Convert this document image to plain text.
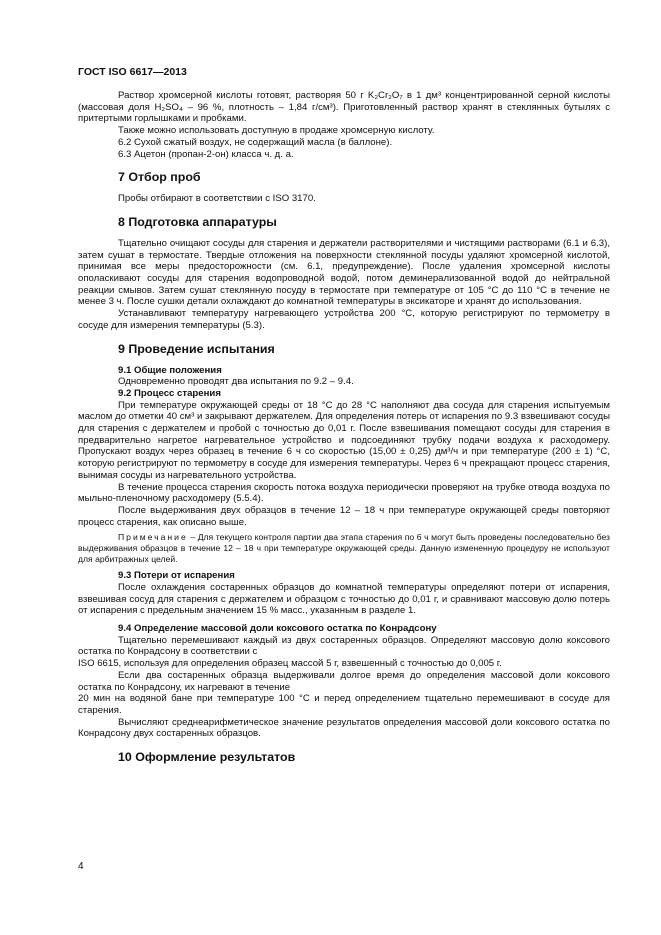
ГОСТ ISO 6617—2013

Раствор хромсерной кислоты готовят, растворяя 50 г K₂Cr₂O₇ в 1 дм³ концентрированной серной кислоты (массовая доля H₂SO₄ – 96 %, плотность – 1,84 г/см³). Приготовленный раствор хранят в стеклянных бутылях с притертыми горлышками и пробками.

Также можно использовать доступную в продаже хромсерную кислоту.

6.2 Сухой сжатый воздух, не содержащий масла (в баллоне).

6.3 Ацетон (пропан-2-он) класса ч. д. а.

7 Отбор проб

Пробы отбирают в соответствии с ISO 3170.

8 Подготовка аппаратуры

Тщательно очищают сосуды для старения и держатели растворителями и чистящими растворами (6.1 и 6.3), затем сушат в термостате. Твердые отложения на поверхности стеклянной посуды удаляют хромсерной кислотой, принимая все меры предосторожности (см. 6.1, предупреждение). После удаления хромсерной кислоты ополаскивают сосуды для старения водопроводной водой, потом деминерализованной водой до нейтральной реакции смывов. Затем сушат стеклянную посуду в термостате при температуре от 105 °С до 110 °С в течение не менее 3 ч. После сушки детали охлаждают до комнатной температуры в эксикаторе и хранят до использования.

Устанавливают температуру нагревающего устройства 200 °С, которую регистрируют по термометру в сосуде для измерения температуры (5.3).

9 Проведение испытания
9.1 Общие положения

Одновременно проводят два испытания по 9.2 – 9.4.

9.2 Процесс старения

При температуре окружающей среды от 18 °С до 28 °С наполняют два сосуда для старения испытуемым маслом до отметки 40 см³ и закрывают держателем. Для определения потерь от испарения по 9.3 взвешивают сосуды для старения с держателем и пробой с точностью до 0,01 г. После взвешивания помещают сосуды для старения в предварительно нагретое нагревательное устройство и подсоединяют трубку подачи воздуха к расходомеру. Пропускают воздух через образец в течение 6 ч со скоростью (15,00 ± 0,25) дм³/ч и при температуре (200 ± 1) °С, которую регистрируют по термометру в сосуде для измерения температуры. Через 6 ч прекращают процесс старения, вынимая сосуды из нагревательного устройства.

В течение процесса старения скорость потока воздуха периодически проверяют на трубке отвода воздуха по мыльно-пленочному расходомеру (5.5.4).

После выдерживания двух образцов в течение 12 – 18 ч при температуре окружающей среды повторяют процесс старения, как описано выше.

Примечание – Для текущего контроля партии два этапа старения по 6 ч могут быть проведены последовательно без выдерживания образцов в течение 12 – 18 ч при температуре окружающей среды. Данную измененную процедуру не используют для арбитражных целей.

9.3 Потери от испарения

После охлаждения состаренных образцов до комнатной температуры определяют потери от испарения, взвешивая сосуд для старения с держателем и образцом с точностью до 0,01 г, и сравнивают массовую долю потерь от испарения с предельным значением 15 % масс., указанным в разделе 1.

9.4 Определение массовой доли коксового остатка по Конрадсону

Тщательно перемешивают каждый из двух состаренных образцов. Определяют массовую долю коксового остатка по Конрадсону в соответствии с

ISO 6615, используя для определения образец массой 5 г, взвешенный с точностью до 0,005 г.

Если два состаренных образца выдерживали долгое время до определения массовой доли коксового остатка по Конрадсону, их нагревают в течение

20 мин на водяной бане при температуре 100 °С и перед определением тщательно перемешивают в сосуде для старения.

Вычисляют среднеарифметическое значение результатов определения массовой доли коксового остатка по Конрадсону двух состаренных образцов.

10 Оформление результатов
4
